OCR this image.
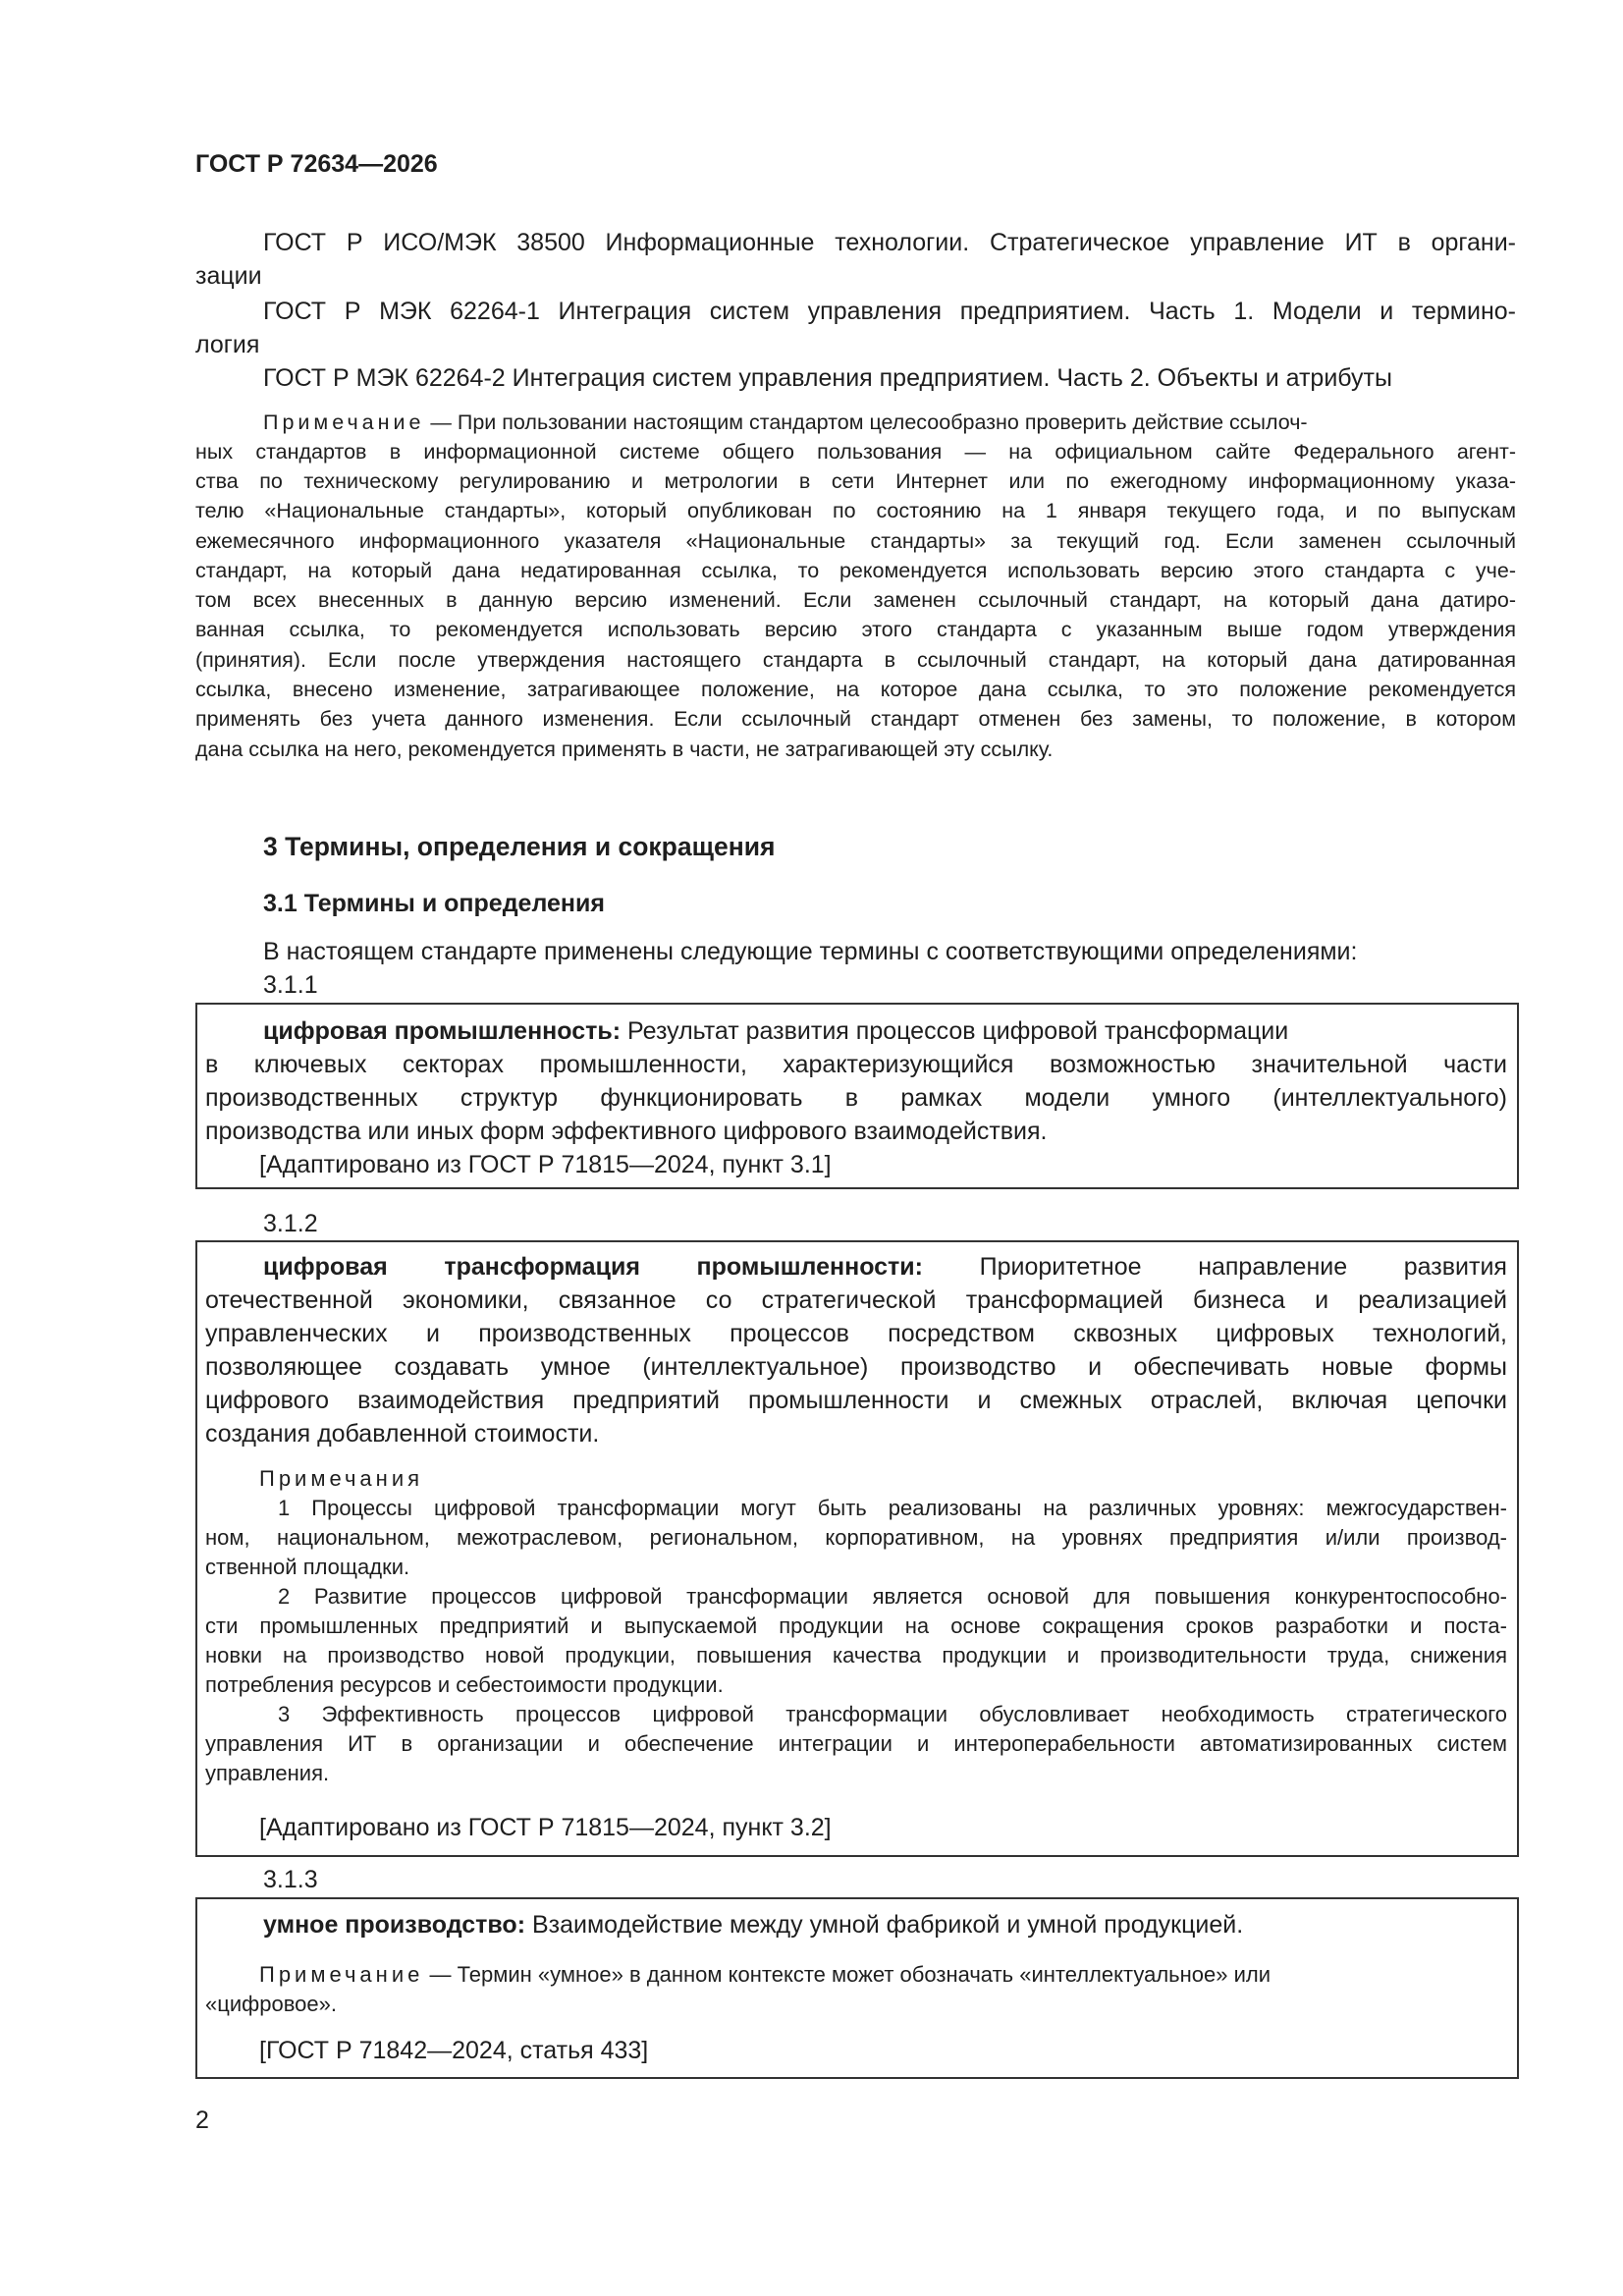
ГОСТ Р 72634—2026
ГОСТ Р ИСО/МЭК 38500 Информационные технологии. Стратегическое управление ИТ в органи-
зации
ГОСТ Р МЭК 62264-1 Интеграция систем управления предприятием. Часть 1. Модели и термино-
логия
ГОСТ Р МЭК 62264-2 Интеграция систем управления предприятием. Часть 2. Объекты и атрибуты
Примечание — При пользовании настоящим стандартом целесообразно проверить действие ссылоч-
ных стандартов в информационной системе общего пользования — на официальном сайте Федерального агент-
ства по техническому регулированию и метрологии в сети Интернет или по ежегодному информационному указа-
телю «Национальные стандарты», который опубликован по состоянию на 1 января текущего года, и по выпускам
ежемесячного информационного указателя «Национальные стандарты» за текущий год. Если заменен ссылочный
стандарт, на который дана недатированная ссылка, то рекомендуется использовать версию этого стандарта с уче-
том всех внесенных в данную версию изменений. Если заменен ссылочный стандарт, на который дана датиро-
ванная ссылка, то рекомендуется использовать версию этого стандарта с указанным выше годом утверждения
(принятия). Если после утверждения настоящего стандарта в ссылочный стандарт, на который дана датированная
ссылка, внесено изменение, затрагивающее положение, на которое дана ссылка, то это положение рекомендуется
применять без учета данного изменения. Если ссылочный стандарт отменен без замены, то положение, в котором
дана ссылка на него, рекомендуется применять в части, не затрагивающей эту ссылку.
3 Термины, определения и сокращения
3.1 Термины и определения
В настоящем стандарте применены следующие термины с соответствующими определениями:
3.1.1
цифровая промышленность: Результат развития процессов цифровой трансформации
в ключевых секторах промышленности, характеризующийся возможностью значительной части
производственных структур функционировать в рамках модели умного (интеллектуального)
производства или иных форм эффективного цифрового взаимодействия.
[Адаптировано из ГОСТ Р 71815—2024, пункт 3.1]
3.1.2
цифровая трансформация промышленности: Приоритетное направление развития
отечественной экономики, связанное со стратегической трансформацией бизнеса и реализацией
управленческих и производственных процессов посредством сквозных цифровых технологий,
позволяющее создавать умное (интеллектуальное) производство и обеспечивать новые формы
цифрового взаимодействия предприятий промышленности и смежных отраслей, включая цепочки
создания добавленной стоимости.
Примечания
1 Процессы цифровой трансформации могут быть реализованы на различных уровнях: межгосударствен-
ном, национальном, межотраслевом, региональном, корпоративном, на уровнях предприятия и/или производ-
ственной площадки.
2 Развитие процессов цифровой трансформации является основой для повышения конкурентоспособно-
сти промышленных предприятий и выпускаемой продукции на основе сокращения сроков разработки и поста-
новки на производство новой продукции, повышения качества продукции и производительности труда, снижения
потребления ресурсов и себестоимости продукции.
3 Эффективность процессов цифровой трансформации обусловливает необходимость стратегического
управления ИТ в организации и обеспечение интеграции и интероперабельности автоматизированных систем
управления.
[Адаптировано из ГОСТ Р 71815—2024, пункт 3.2]
3.1.3
умное производство: Взаимодействие между умной фабрикой и умной продукцией.
Примечание — Термин «умное» в данном контексте может обозначать «интеллектуальное» или
«цифровое».
[ГОСТ Р 71842—2024, статья 433]
2
